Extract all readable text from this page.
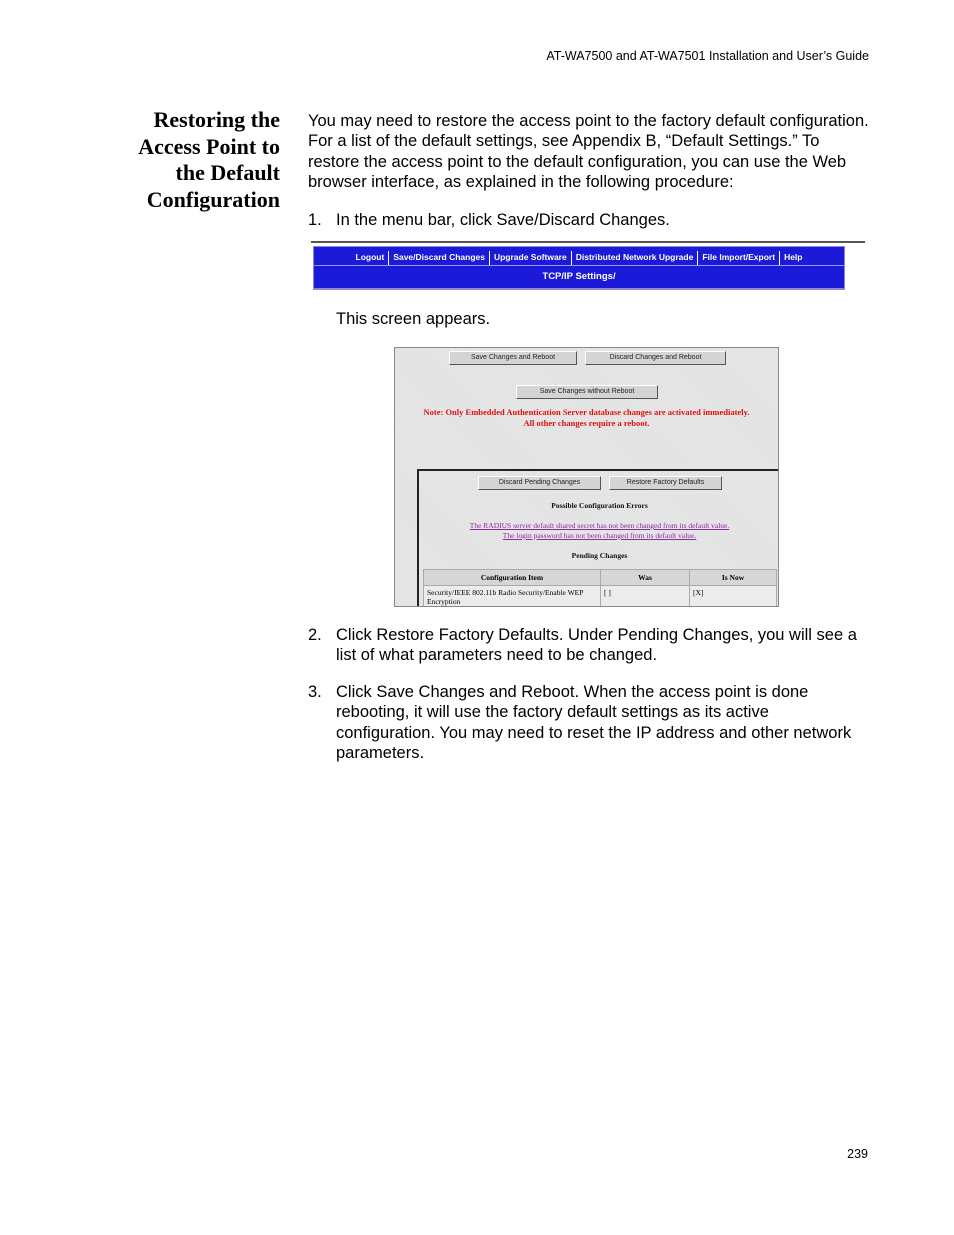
AT-WA7500 and AT-WA7501 Installation and User’s Guide
Restoring the
Access Point to
the Default
Configuration
You may need to restore the access point to the factory default configuration. For a list of the default settings, see Appendix B, “Default Settings.” To restore the access point to the default configuration, you can use the Web browser interface, as explained in the following procedure:
1. In the menu bar, click Save/Discard Changes.
Logout	Save/Discard Changes	Upgrade Software	Distributed Network Upgrade	File Import/Export	Help
TCP/IP Settings/
This screen appears.
Save Changes and Reboot	Discard Changes and Reboot
Save Changes without Reboot
Note: Only Embedded Authentication Server database changes are activated immediately.
All other changes require a reboot.
Discard Pending Changes	Restore Factory Defaults
Possible Configuration Errors
The RADIUS server default shared secret has not been changed from its default value.
The login password has not been changed from its default value.
Pending Changes
Configuration Item	Was	Is Now
Security/IEEE 802.11b Radio Security/Enable WEP Encryption	[ ]	[X]
2. Click Restore Factory Defaults. Under Pending Changes, you will see a list of what parameters need to be changed.
3. Click Save Changes and Reboot. When the access point is done rebooting, it will use the factory default settings as its active configuration. You may need to reset the IP address and other network parameters.
239
